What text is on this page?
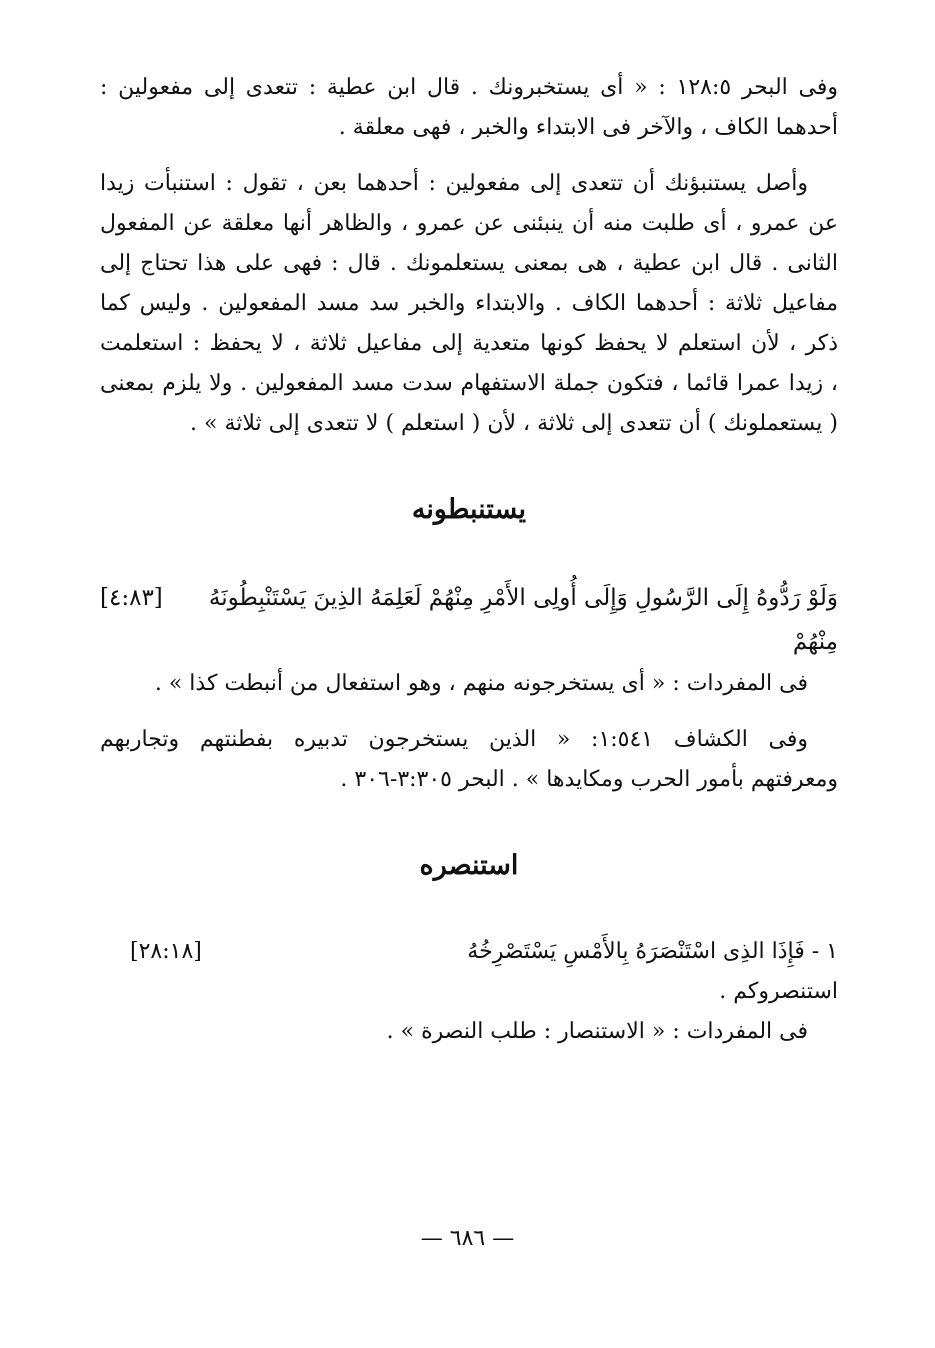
وفى البحر ١٢٨:٥ : « أى يستخبرونك . قال ابن عطية : تتعدى إلى مفعولين :
أحدهما الكاف ، والآخر فى الابتداء والخبر ، فهى معلقة .
وأصل يستنبؤنك أن تتعدى إلى مفعولين : أحدهما بعن ، تقول : استنبأت زيدا
عن عمرو ، أى طلبت منه أن ينبئنى عن عمرو ، والظاهر أنها معلقة عن المفعول
الثانى . قال ابن عطية ، هى بمعنى يستعلمونك . قال : فهى على هذا تحتاج إلى
مفاعيل ثلاثة : أحدهما الكاف . والابتداء والخبر سد مسد المفعولين . وليس كما
ذكر ، لأن استعلم لا يحفظ كونها متعدية إلى مفاعيل ثلاثة ، لا يحفظ : استعلمت
، زيدا عمرا قائما ، فتكون جملة الاستفهام سدت مسد المفعولين . ولا يلزم بمعنى
( يستعملونك ) أن تتعدى إلى ثلاثة ، لأن ( استعلم ) لا تتعدى إلى ثلاثة » .
يستنبطونه
وَلَوْ رَدُّوهُ إِلَى الرَّسُولِ وَإِلَى أُولِى الأَمْرِ مِنْهُمْ لَعَلِمَهُ الذِينَ يَسْتَنْبِطُونَهُ مِنْهُمْ
[٤:٨٣]

فى المفردات : « أى يستخرجونه منهم ، وهو استفعال من أنبطت كذا » .

وفى الكشاف ١:٥٤١: « الذين يستخرجون تدبيره بفطنتهم وتجاربهم
ومعرفتهم بأمور الحرب ومكايدها » . البحر ٣:٣٠٥-٣٠٦ .
استنصره
١ - فَإِذَا الذِى اسْتَنْصَرَهُ بِالأَمْسِ يَسْتَصْرِخُهُ
[٢٨:١٨]

استنصروكم .

فى المفردات : « الاستنصار : طلب النصرة » .

— ٦٨٦ —
